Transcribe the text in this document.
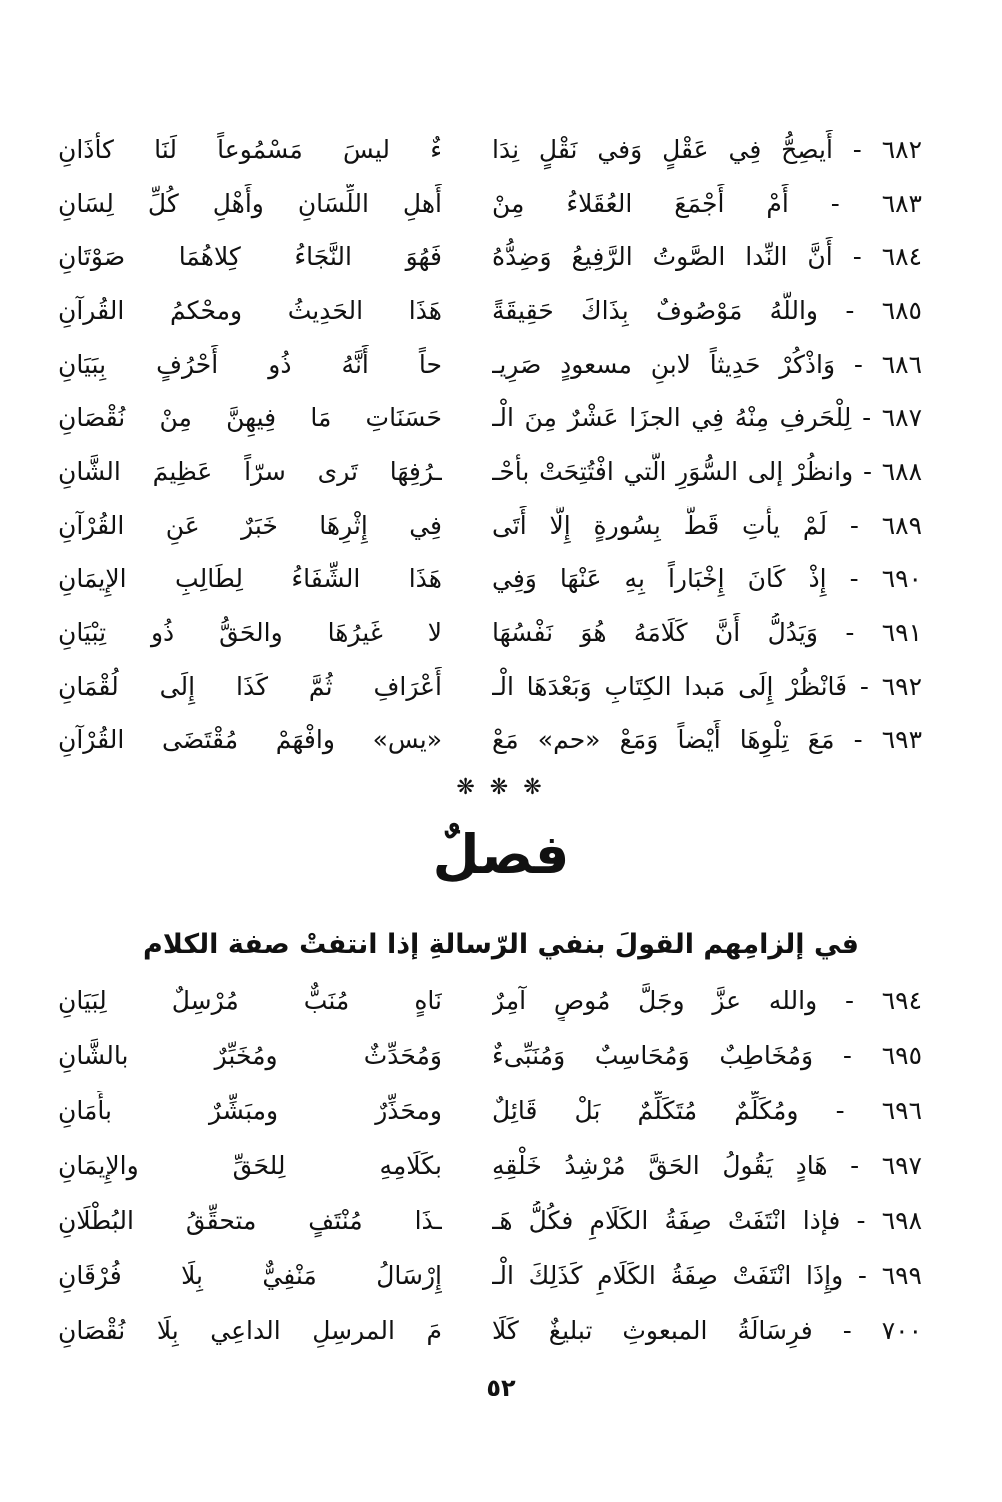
٦٨٢ - أَيصِحُّ فِي عَقْلٍ وَفي نَقْلٍ نِدَا
ءٌ ليسَ مَسْمُوعاً لَنَا كأذَانِ
٦٨٣ - أَمْ أَجْمَعَ العُقَلاءُ مِنْ
أَهلِ اللِّسَانِ وأَهْلِ كُلِّ لِسَانِ
٦٨٤ - أَنَّ النِّدا الصَّوتُ الرَّفِيعُ وَضِدُّهُ
فَهُوَ النَّجَاءُ كِلاهُمَا صَوْتَانِ
٦٨٥ - واللَّهُ مَوْصُوفٌ بِذَاكَ حَقِيقَةً
هَذَا الحَدِيثُ ومحْكمُ القُرآنِ
٦٨٦ - وَاذْكُرْ حَدِيثاً لابنِ مسعودٍ صَرِيـ
حاً أَنَّهُ ذُو أَحْرُفٍ بِبَيَانِ
٦٨٧ - لِلْحَرفِ مِنْهُ فِي الجزَا عَشْرٌ مِنَ الْـ
حَسَنَاتِ مَا فِيهِنَّ مِنْ نُقْصَانِ
٦٨٨ - وانظُرْ إلى السُّوَرِ الَّتي افْتُتِحَتْ بأحْـ
ـرُفِهَا تَرى سرّاً عَظِيمَ الشَّانِ
٦٨٩ - لَمْ يأْتِ قَطُّ بِسُورةٍ إِلَّا أَتَى
فِي إِثْرِهَا خَبَرٌ عَنِ القُرْآنِ
٦٩٠ - إِذْ كَانَ إِخْبَاراً بِهِ عَنْهَا وَفِي
هَذَا الشِّفَاءُ لِطَالِبِ الإِيمَانِ
٦٩١ - وَيَدُلُّ أَنَّ كَلَامَهُ هُوَ نَفْسُهَا
لا غَيرُهَا والحَقُّ ذُو تِبْيَانِ
٦٩٢ - فَانْظُرْ إِلَى مَبدا الكِتَابِ وَبَعْدَهَا الْـ
أَعْرَافِ ثُمَّ كَذَا إِلَى لُقْمَانِ
٦٩٣ - مَعَ تِلْوِهَا أَيْضاً وَمَعْ «حم» مَعْ
«يس» وافْهَمْ مُقْتَضَى القُرْآنِ
❋ ❋ ❋
فصلٌ
في إلزامِهم القولَ بنفي الرّسالةِ إذا انتفتْ صفة الكلام
٦٩٤ - والله عزَّ وجَلَّ مُوصٍ آمِرٌ
نَاهٍ مُنَبٌّ مُرْسِلٌ لِبَيَانِ
٦٩٥ - وَمُخَاطِبٌ وَمُحَاسِبٌ وَمُنَبِّىءٌ
وَمُحَدِّثٌ ومُخَبِّرٌ بالشَّانِ
٦٩٦ - ومُكَلِّمٌ مُتَكَلِّمٌ بَلْ قَائِلٌ
ومحَذِّرٌ ومبَشِّرٌ بأَمَانِ
٦٩٧ - هَادٍ يَقُولُ الحَقَّ مُرْشِدُ خَلْقِهِ
بكَلَامِهِ لِلحَقِّ والإِيمَانِ
٦٩٨ - فإذا انْتَفَتْ صِفَةُ الكَلَامِ فكُلُّ هَـ
ـذَا مُنْتَفٍ متحقِّقُ البُطْلَانِ
٦٩٩ - وإِذَا انْتَفَتْ صِفَةُ الكَلَامِ كَذَلِكَ الْـ
إِرْسَالُ مَنْفِيٌّ بِلَا فُرْقَانِ
٧٠٠ - فرِسَالَةُ المبعوثِ تبليغٌ كَلَا
مَ المرسِلِ الداعِي بِلَا نُقْصَانِ
٥٢
